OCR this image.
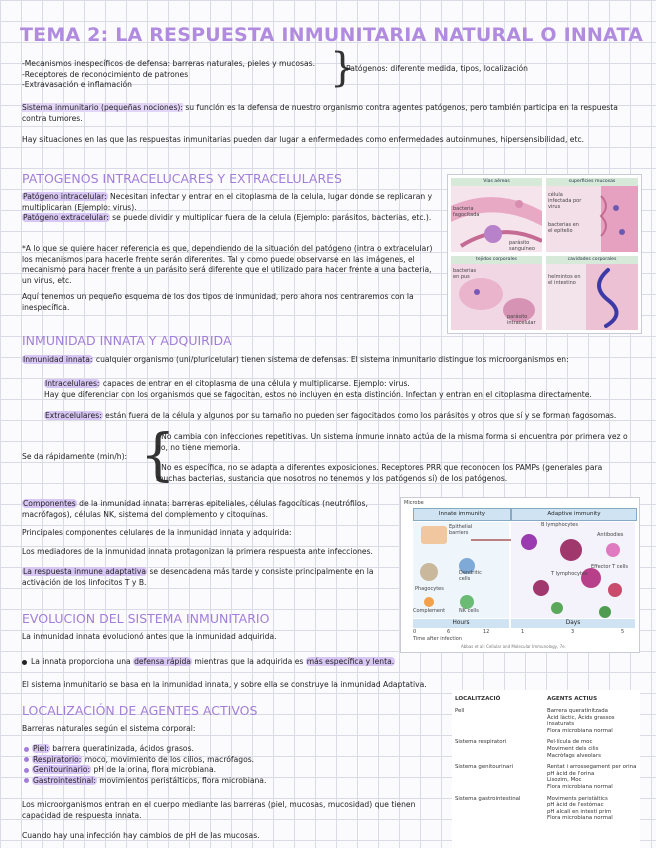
TEMA 2: LA RESPUESTA INMUNITARIA NATURAL O INNATA
-Mecanismos inespecíficos de defensa: barreras naturales, pieles y mucosas.
-Receptores de reconocimiento de patrones
-Extravasación e inflamación	}
Patógenos: diferente medida, tipos, localización
Sistema inmunitario (pequeñas nociones): su función es la defensa de nuestro organismo contra agentes patógenos, pero también participa en la respuesta contra tumores.
Hay situaciones en las que las respuestas inmunitarias pueden dar lugar a enfermedades como enfermedades autoinmunes, hipersensibilidad, etc.
PATOGENOS INTRACELUCARES Y EXTRACELULARES
Patógeno intracelular: Necesitan infectar y entrar en el citoplasma de la celula, lugar donde se replicaran y multiplicaran (Ejemplo: virus).
Patógeno extracelular: se puede dividir y multiplicar fuera de la celula (Ejemplo: parásitos, bacterias, etc.).
*A lo que se quiere hacer referencia es que, dependiendo de la situación del patógeno (intra o extracelular) los mecanismos para hacerle frente serán diferentes. Tal y como puede observarse en las imágenes, el mecanismo para hacer frente a un parásito será diferente que el utilizado para hacer frente a una bacteria, un virus, etc.
Aquí tenemos un pequeño esquema de los dos tipos de inmunidad, pero ahora nos centraremos con la inespecífica.
Vías aéreas
bacteria fagocitada
parásito sanguíneo
superficies mucosas
célula infectada por virus
bacterias en el epitelio
tejidos corporales
bacterias en pus
parásito intracelular
cavidades corporales
helmintos en el intestino
INMUNIDAD INNATA Y ADQUIRIDA
Inmunidad innata: cualquier organismo (uni/pluricelular) tienen sistema de defensas. El sistema inmunitario distingue los microorganismos en:
Intracelulares: capaces de entrar en el citoplasma de una célula y multiplicarse. Ejemplo: virus.
Hay que diferenciar con los organismos que se fagocitan, estos no incluyen en esta distinción. Infectan y entran en el citoplasma directamente.
Extracelulares: están fuera de la célula y algunos por su tamaño no pueden ser fagocitados como los parásitos y otros que sí y se forman fagosomas.
Se da rápidamente (min/h): {
- No cambia con infecciones repetitivas. Un sistema inmune innato actúa de la misma forma si encuentra por primera vez o no, no tiene memoria.
- No es específica, no se adapta a diferentes exposiciones. Receptores PRR que reconocen los PAMPs (generales para muchas bacterias, sustancia que nosotros no tenemos y los patógenos sí) de los patógenos.
Componentes de la inmunidad innata: barreras epiteliales, células fagocíticas (neutrófilos, macrófagos), células NK, sistema del complemento y citoquinas.
Principales componentes celulares de la inmunidad innata y adquirida:
Los mediadores de la inmunidad innata protagonizan la primera respuesta ante infecciones.
La respuesta inmune adaptativa se desencadena más tarde y consiste principalmente en la activación de los linfocitos T y B.
Microbe
Innate immunity	Adaptive immunity
Epithelial barriers
B lymphocytes
Antibodies
Phagocytes
Dendritic cells
T lymphocytes
Effector T cells
Complement	NK cells
Hours	Days
0	6	12	1	3	5
Time after infection
Abbas et al: Cellular and Molecular Immunology, 7e.
EVOLUCION DEL SISTEMA INMUNITARIO
La inmunidad innata evolucionó antes que la inmunidad adquirida.
La innata proporciona una defensa rápida mientras que la adquirida es más específica y lenta.
El sistema inmunitario se basa en la inmunidad innata, y sobre ella se construye la inmunidad Adaptativa.
LOCALIZACIÓN DE AGENTES ACTIVOS
Barreras naturales según el sistema corporal:
Piel: barrera queratinizada, ácidos grasos.
Respiratorio: moco, movimiento de los cilios, macrófagos.
Genitourinario: pH de la orina, flora microbiana.
Gastrointestinal: movimientos peristálticos, flora microbiana.
Los microorganismos entran en el cuerpo mediante las barreras (piel, mucosas, mucosidad) que tienen capacidad de respuesta innata.
Cuando hay una infección hay cambios de pH de las mucosas.
LOCALITZACIÓ	AGENTS ACTIUS
Pell	Barrera queratinitzada
Àcid làctic, Àcids grassos
insaturats
Flora microbiana normal

Sistema respiratori	Pel·lícula de moc
Moviment dels cilis
Macròfags alveolars

Sistema genitourinari	Rentat i arrossegament per orina
pH àcid de l'orina
Lisozim, Moc
Flora microbiana normal

Sistema gastrointestinal	Moviments peristàltics
pH àcid de l'estómac
pH alcalí en intestí prim
Flora microbiana normal
